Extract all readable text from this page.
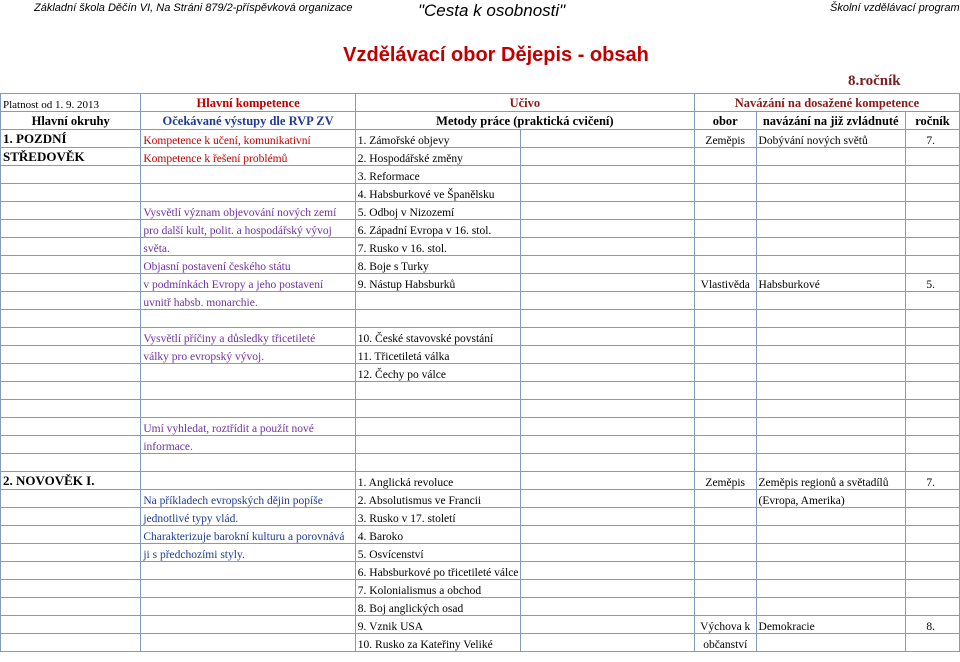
Základní škola Děčín VI, Na Stráni 879/2-příspěvková organizace	"Cesta k osobnosti"	Školní vzdělávací program
Vzdělávací obor Dějepis - obsah
8.ročník
Platnost od 1. 9. 2013	Hlavní kompetence	Učivo		Navázání na dosažené kompetence		
Hlavní okruhy	Očekávané výstupy dle RVP ZV	Metody práce (praktická cvičení)		obor	navázání na již zvládnuté	ročník
1. POZDNÍ	Kompetence k učení, komunikativní	1. Zámořské objevy		Zeměpis	Dobývání nových světů	7.
STŘEDOVĚK	Kompetence k řešení problémů	2. Hospodářské změny				
		3. Reformace				
		4. Habsburkové ve Španělsku				
	Vysvětlí význam objevování nových zemí	5. Odboj v Nizozemí				
	pro další kult, polit. a hospodářský vývoj	6. Západní Evropa v 16. stol.				
	světa.	7. Rusko v 16. stol.				
	Objasní postavení českého státu	8. Boje s Turky				
	v podmínkách Evropy a jeho postavení	9. Nástup Habsburků		Vlastivěda	Habsburkové	5.
	uvnitř habsb. monarchie.					

	Vysvětlí příčiny a důsledky třicetileté	10. České stavovské povstání				
	války pro evropský vývoj.	11. Třicetiletá válka				
		12. Čechy po válce				

	Umí vyhledat, roztřídit a použít nové					
	informace.					

2. NOVOVĚK I.		1. Anglická revoluce		Zeměpis	Zeměpis regionů a světadílů	7.
	Na příkladech evropských dějin popíše	2. Absolutismus ve Francii			(Evropa, Amerika)	
	jednotlivé typy vlád.	3. Rusko v 17. století				
	Charakterizuje barokní kulturu a porovnává	4. Baroko				
	ji s předchozími styly.	5. Osvícenství				
		6. Habsburkové po třicetileté válce				
		7. Kolonialismus a obchod				
		8. Boj anglických osad				
		9. Vznik USA		Výchova k	Demokracie	8.
		10. Rusko za Kateřiny Veliké		občanství		
